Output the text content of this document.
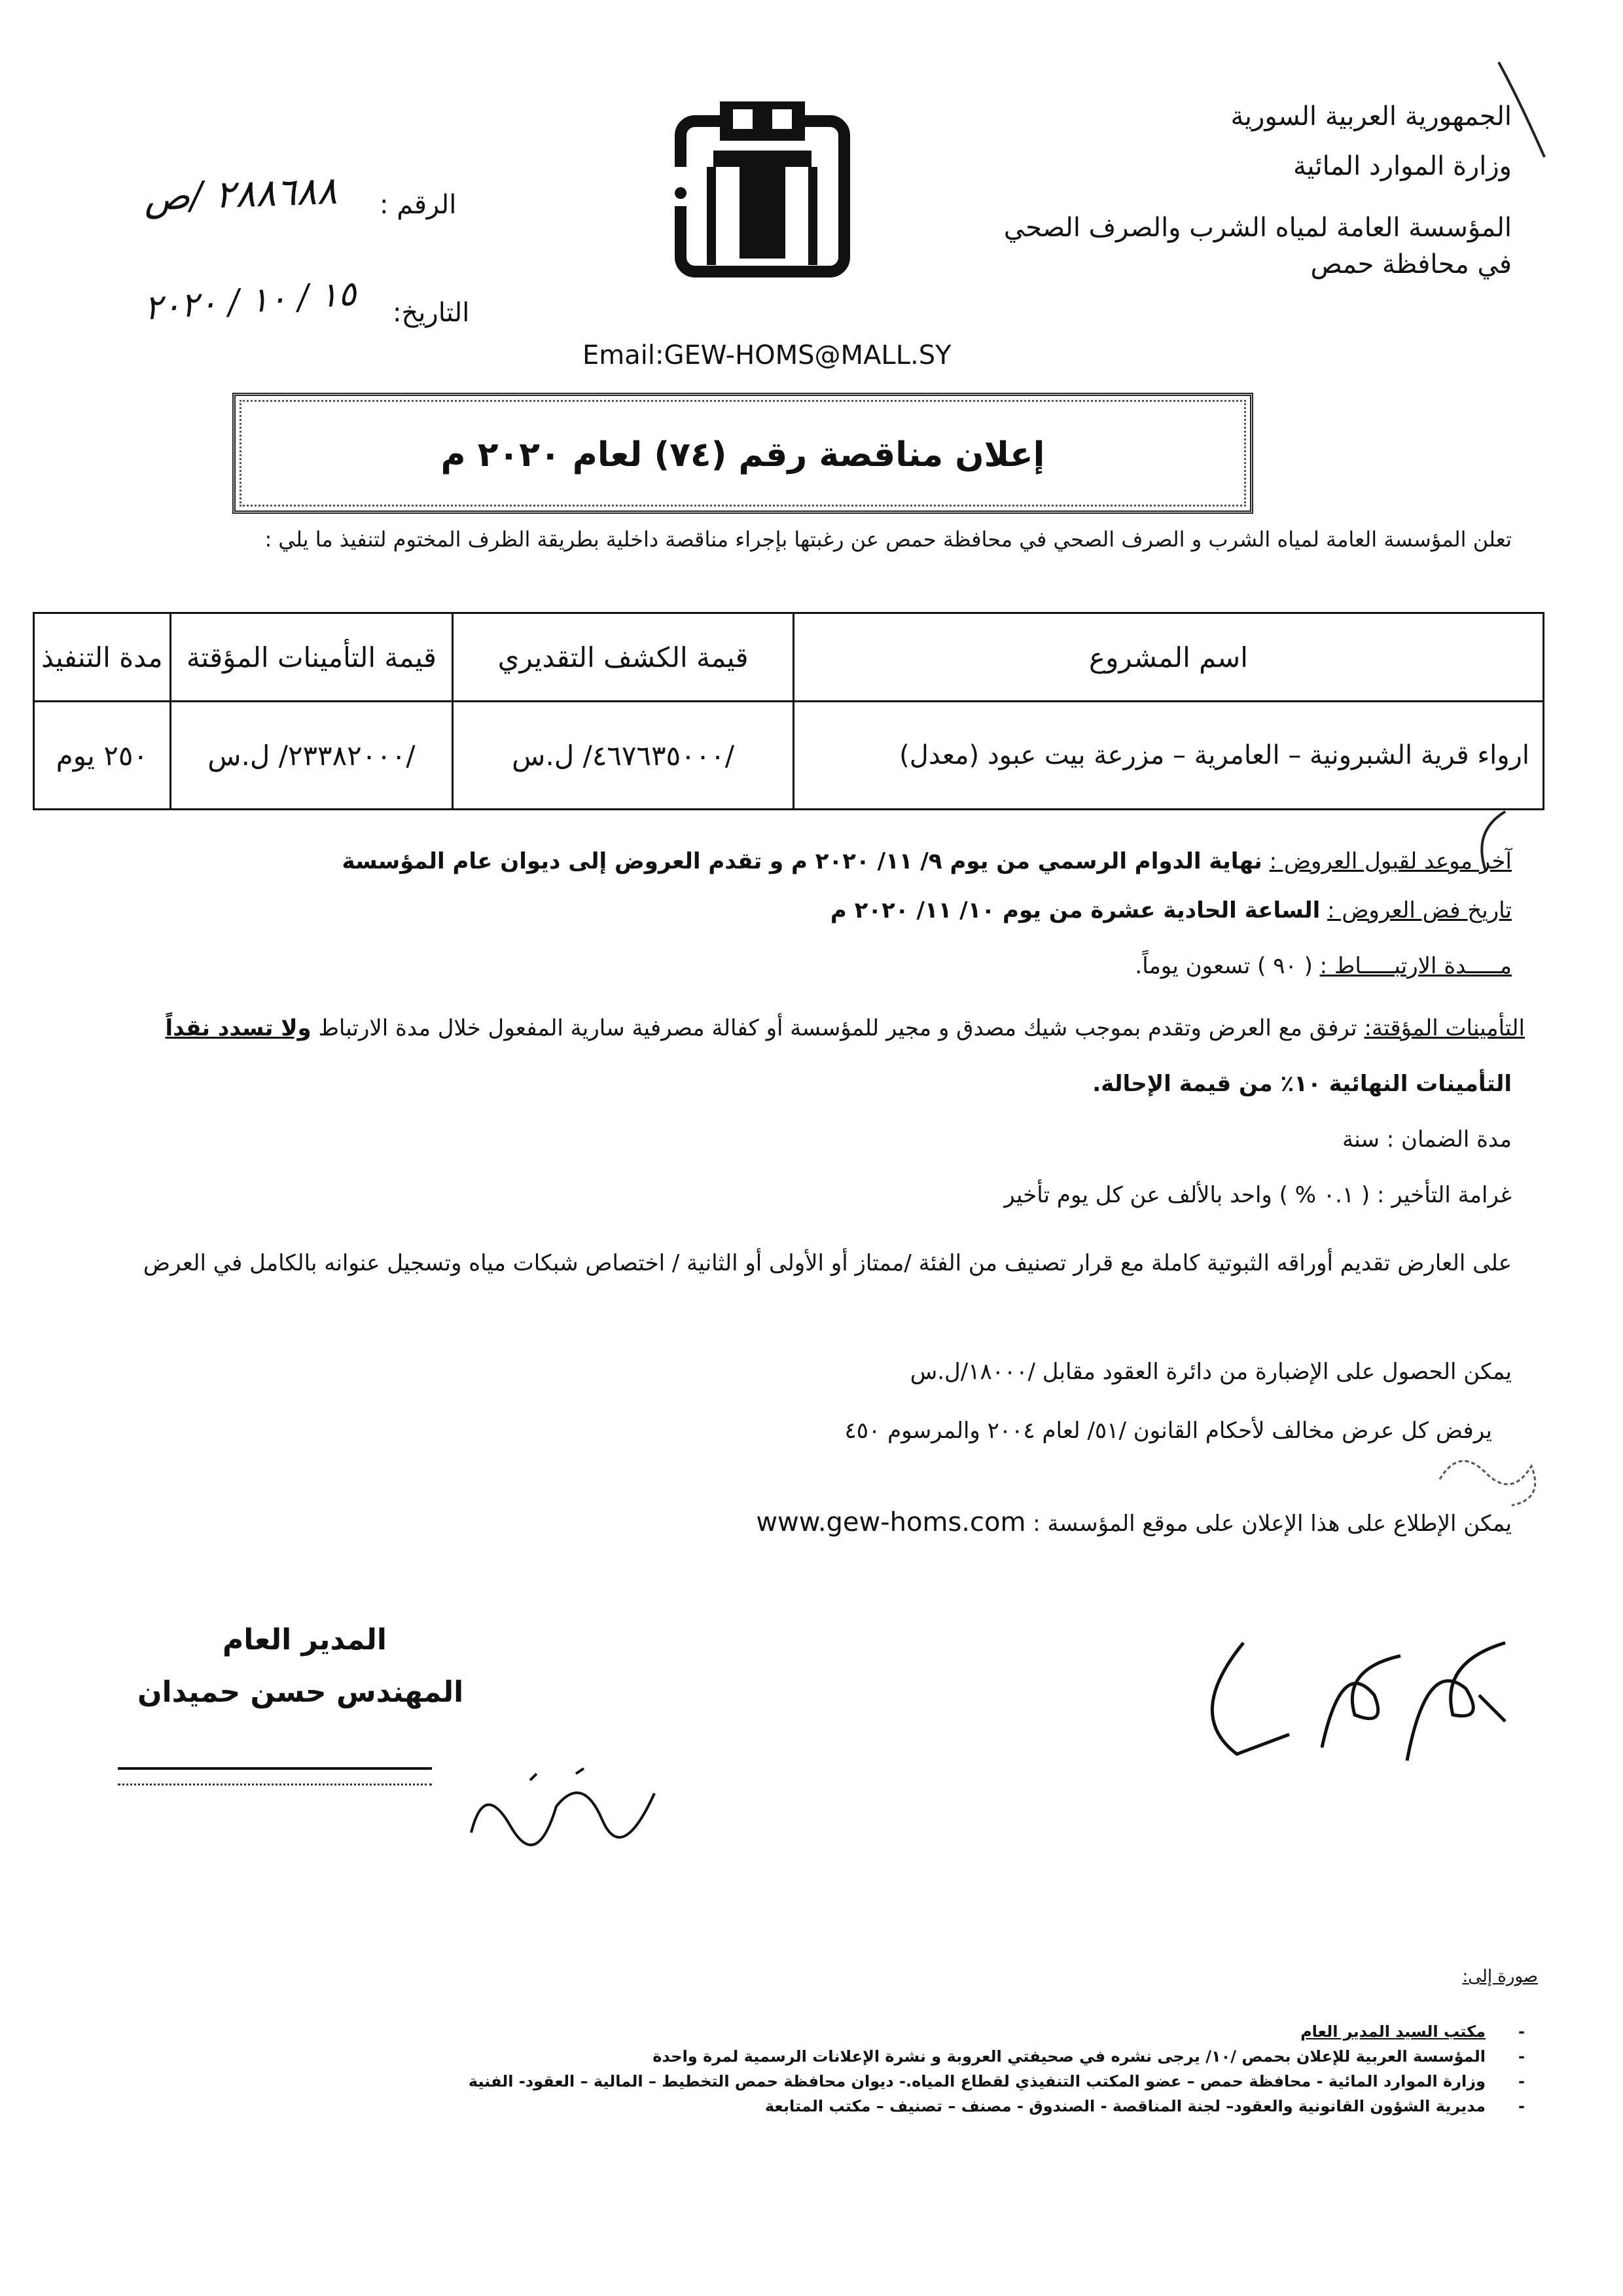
الجمهورية العربية السورية
وزارة الموارد المائية
المؤسسة العامة لمياه الشرب والصرف الصحي
في محافظة حمص
الرقم :
٢٨٨٦٨٨ /ص
التاريخ:
١٥ / ١٠ / ٢٠٢٠
Email:GEW-HOMS@MALL.SY
إعلان مناقصة رقم (٧٤) لعام ٢٠٢٠ م
تعلن المؤسسة العامة لمياه الشرب و الصرف الصحي في محافظة حمص عن رغبتها بإجراء مناقصة داخلية بطريقة الظرف المختوم لتنفيذ ما يلي :
اسم المشروع	قيمة الكشف التقديري	قيمة التأمينات المؤقتة	مدة التنفيذ
ارواء قرية الشبرونية – العامرية – مزرعة بيت عبود (معدل)	/٤٦٧٦٣٥٠٠٠/ ل.س	/٢٣٣٨٢٠٠٠/ ل.س	٢٥٠ يوم
آخر موعد لقبول العروض : نهاية الدوام الرسمي من يوم ٩/ ١١/ ٢٠٢٠ م و تقدم العروض إلى ديوان عام المؤسسة
تاريخ فض العروض : الساعة الحادية عشرة من يوم ١٠/ ١١/ ٢٠٢٠ م
مـــــدة الارتبـــــاط : ( ٩٠ ) تسعون يوماً.
التأمينات المؤقتة: ترفق مع العرض وتقدم بموجب شيك مصدق و مجير للمؤسسة أو كفالة مصرفية سارية المفعول خلال مدة الارتباط ولا تسدد نقداً
التأمينات النهائية ١٠٪ من قيمة الإحالة.
مدة الضمان : سنة
غرامة التأخير : ( ٠.١ % ) واحد بالألف عن كل يوم تأخير
على العارض تقديم أوراقه الثبوتية كاملة مع قرار تصنيف من الفئة /ممتاز أو الأولى أو الثانية / اختصاص شبكات مياه وتسجيل عنوانه بالكامل في العرض
يمكن الحصول على الإضبارة من دائرة العقود مقابل /١٨٠٠٠/ل.س
يرفض كل عرض مخالف لأحكام القانون /٥١/ لعام ٢٠٠٤ والمرسوم ٤٥٠
يمكن الإطلاع على هذا الإعلان على موقع المؤسسة : www.gew-homs.com
المدير العام
المهندس حسن حميدان
صورة إلى:
- مكتب السيد المدير العام
- المؤسسة العربية للإعلان بحمص /١٠/ يرجى نشره في صحيفتي العروبة و نشرة الإعلانات الرسمية لمرة واحدة
- وزارة الموارد المائية - محافظة حمص – عضو المكتب التنفيذي لقطاع المياه.- ديوان محافظة حمص التخطيط – المالية – العقود- الفنية
- مديرية الشؤون القانونية والعقود– لجنة المناقصة - الصندوق - مصنف – تصنيف – مكتب المتابعة
